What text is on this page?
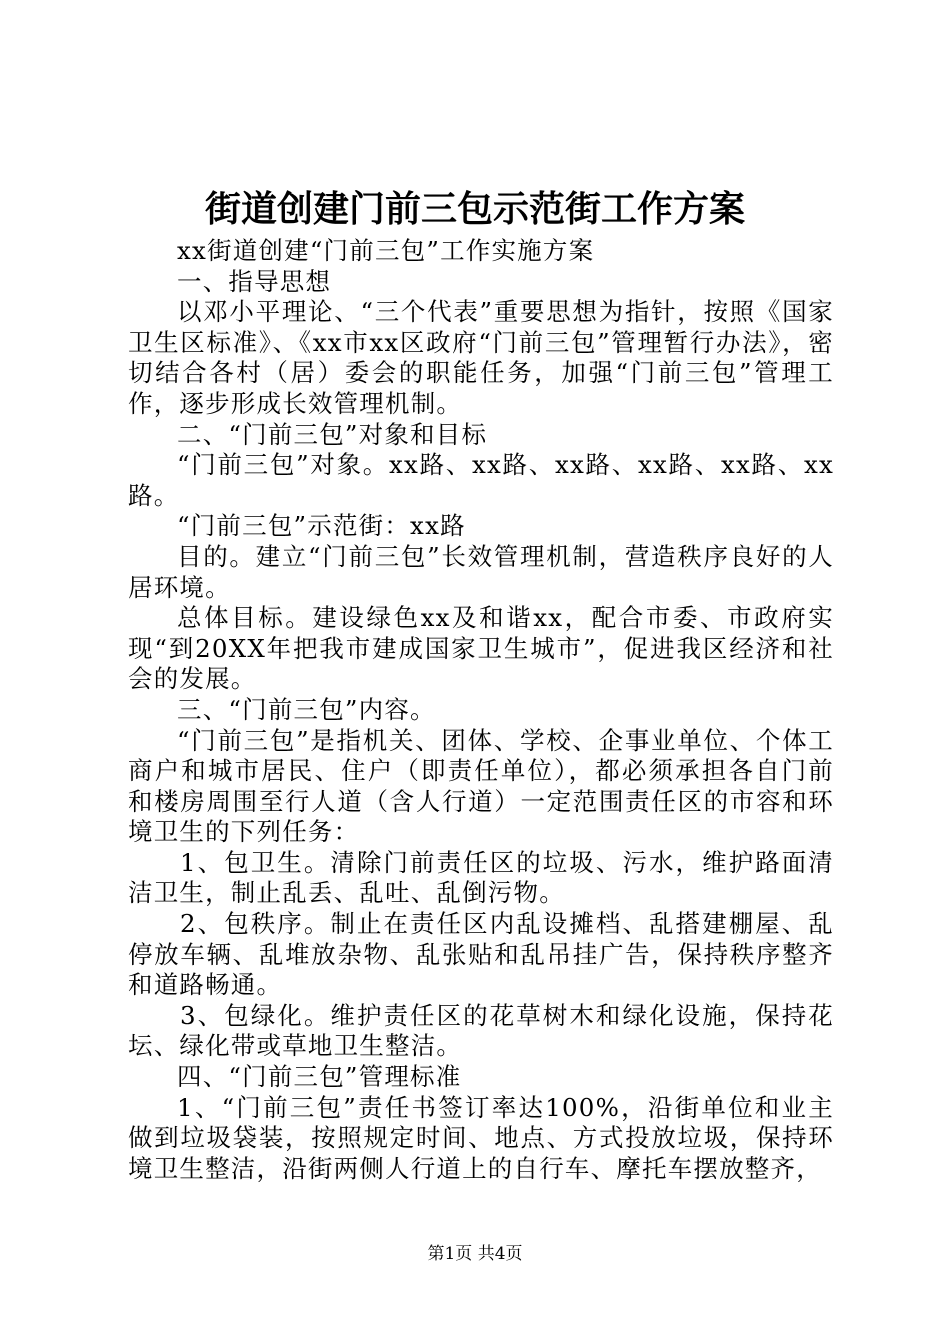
街道创建门前三包示范街工作方案

xx街道创建“门前三包”工作实施方案

一、指导思想

以邓小平理论、“三个代表”重要思想为指针，按照《国家卫生区标准》、《xx市xx区政府“门前三包”管理暂行办法》，密切结合各村（居）委会的职能任务，加强“门前三包”管理工作，逐步形成长效管理机制。

二、“门前三包”对象和目标

“门前三包”对象。xx路、xx路、xx路、xx路、xx路、xx路。

“门前三包”示范街：xx路

目的。建立“门前三包”长效管理机制，营造秩序良好的人居环境。

总体目标。建设绿色xx及和谐xx，配合市委、市政府实现“到20XX年把我市建成国家卫生城市”，促进我区经济和社会的发展。

三、“门前三包”内容。

“门前三包”是指机关、团体、学校、企事业单位、个体工商户和城市居民、住户（即责任单位），都必须承担各自门前和楼房周围至行人道（含人行道）一定范围责任区的市容和环境卫生的下列任务：

1、包卫生。清除门前责任区的垃圾、污水，维护路面清洁卫生，制止乱丢、乱吐、乱倒污物。

2、包秩序。制止在责任区内乱设摊档、乱搭建棚屋、乱停放车辆、乱堆放杂物、乱张贴和乱吊挂广告，保持秩序整齐和道路畅通。

3、包绿化。维护责任区的花草树木和绿化设施，保持花坛、绿化带或草地卫生整洁。

四、“门前三包”管理标准

1、“门前三包”责任书签订率达100%，沿街单位和业主做到垃圾袋装，按照规定时间、地点、方式投放垃圾，保持环境卫生整洁，沿街两侧人行道上的自行车、摩托车摆放整齐，

第1页 共4页
